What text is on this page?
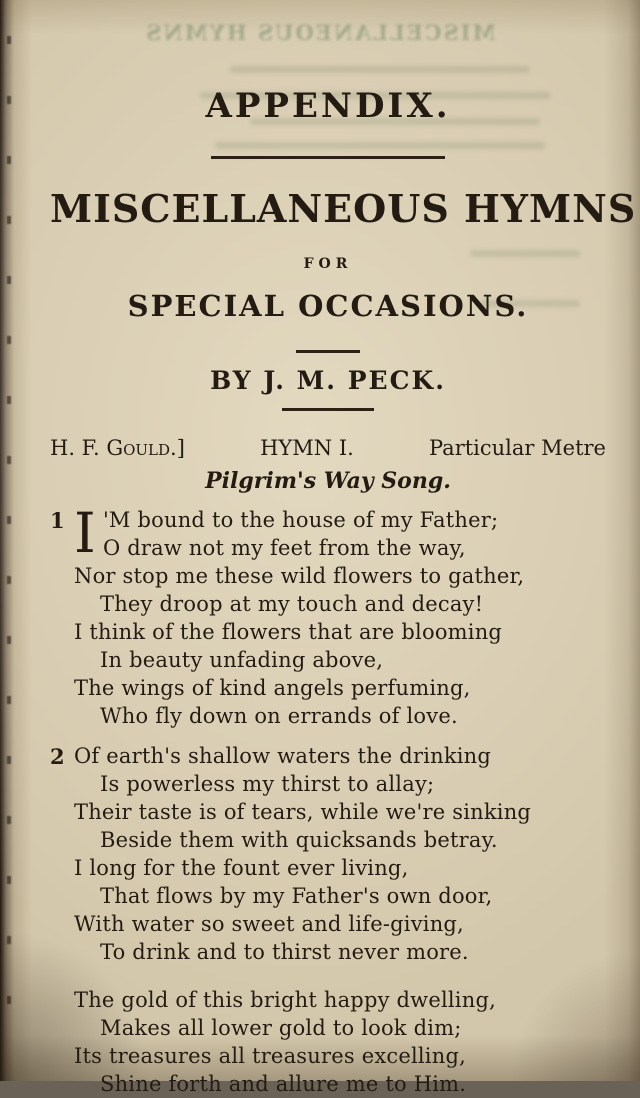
MISCELLANEOUS HYMNS
APPENDIX.
MISCELLANEOUS HYMNS
FOR
SPECIAL OCCASIONS.
BY J. M. PECK.
H. F. Gould.]	HYMN I.	Particular Metre
Pilgrim's Way Song.
1 I 'M bound to the house of my Father;
O draw not my feet from the way,
Nor stop me these wild flowers to gather,
They droop at my touch and decay!
I think of the flowers that are blooming
In beauty unfading above,
The wings of kind angels perfuming,
Who fly down on errands of love.
2 Of earth's shallow waters the drinking
Is powerless my thirst to allay;
Their taste is of tears, while we're sinking
Beside them with quicksands betray.
I long for the fount ever living,
That flows by my Father's own door,
With water so sweet and life-giving,
To drink and to thirst never more.
The gold of this bright happy dwelling,
Makes all lower gold to look dim;
Its treasures all treasures excelling,
Shine forth and allure me to Him.
